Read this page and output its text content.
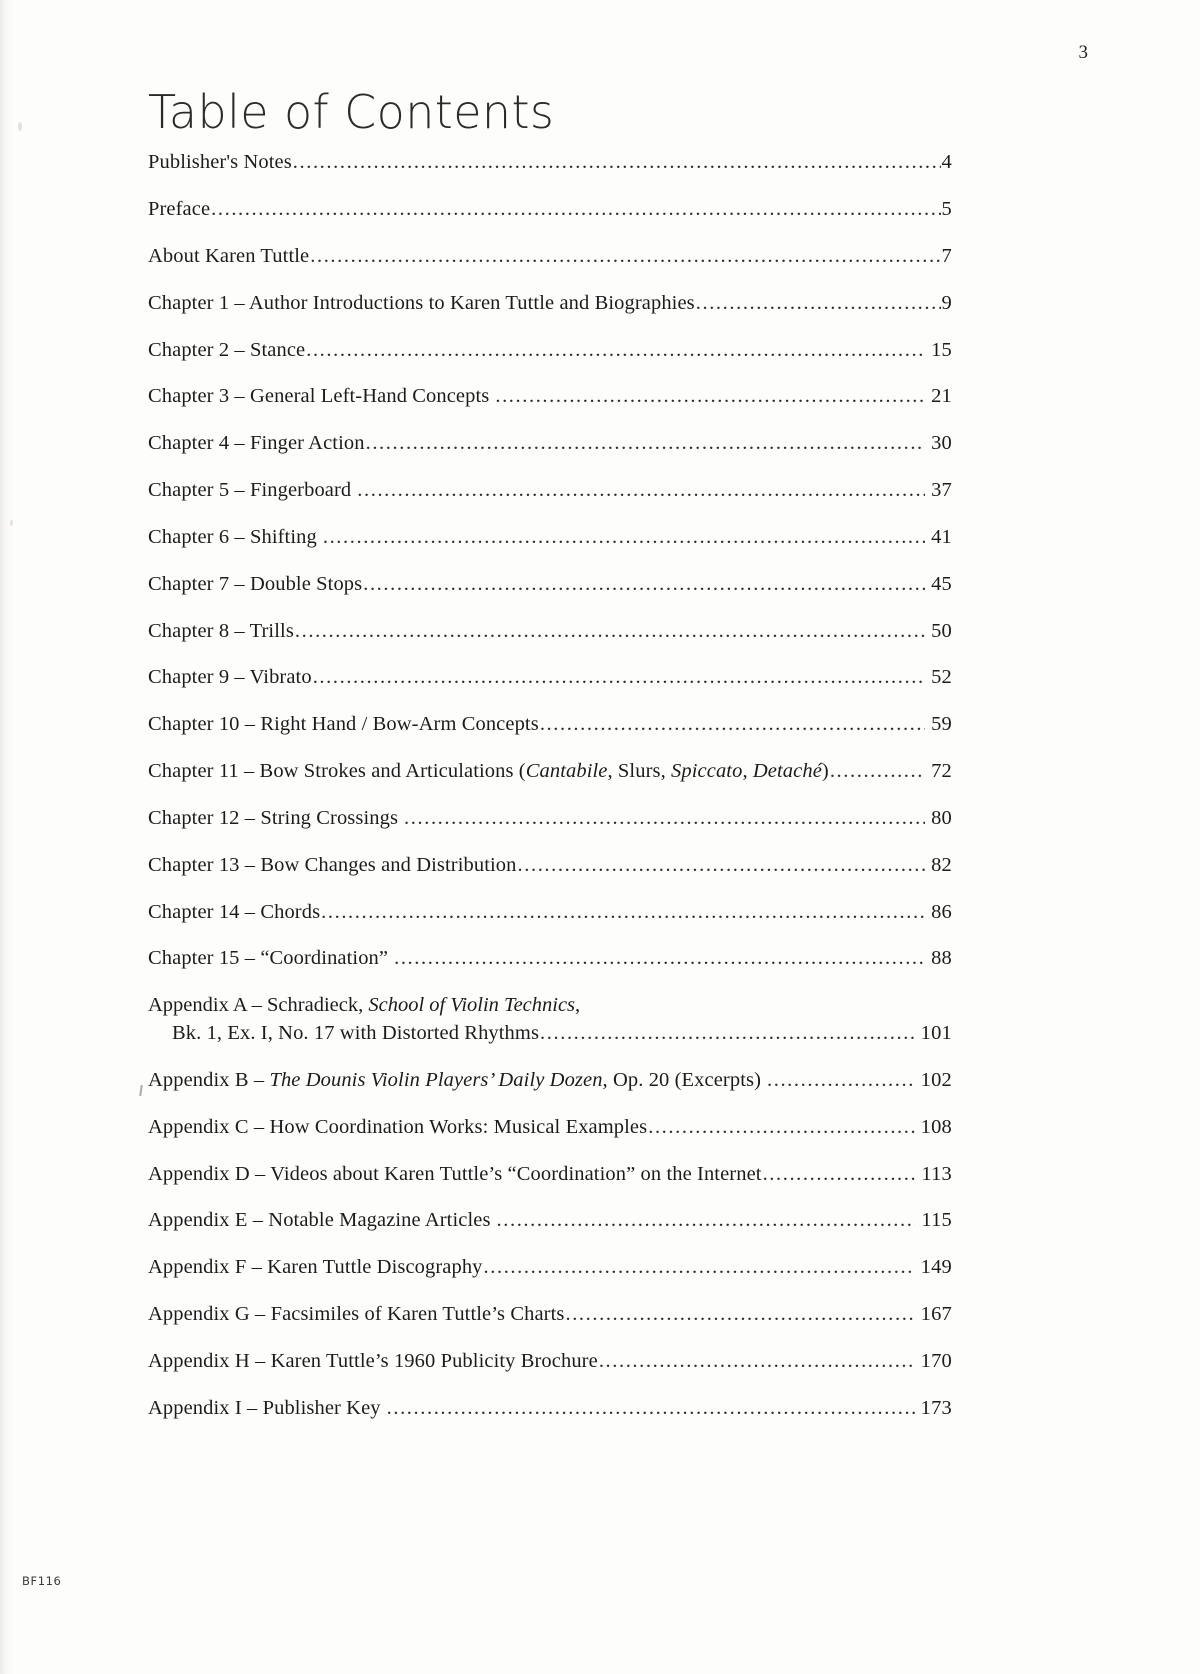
3
Table of Contents
Publisher's Notes .....	4
Preface .....	5
About Karen Tuttle .....	7
Chapter 1 – Author Introductions to Karen Tuttle and Biographies .....	9
Chapter 2 – Stance .....	15
Chapter 3 – General Left-Hand Concepts .....	21
Chapter 4 – Finger Action .....	30
Chapter 5 – Fingerboard .....	37
Chapter 6 – Shifting .....	41
Chapter 7 – Double Stops .....	45
Chapter 8 – Trills .....	50
Chapter 9 – Vibrato .....	52
Chapter 10 – Right Hand / Bow-Arm Concepts .....	59
Chapter 11 – Bow Strokes and Articulations (Cantabile, Slurs, Spiccato, Detaché) .....	72
Chapter 12 – String Crossings .....	80
Chapter 13 – Bow Changes and Distribution .....	82
Chapter 14 – Chords .....	86
Chapter 15 – “Coordination” .....	88
Appendix A – Schradieck, School of Violin Technics,
Bk. 1, Ex. I, No. 17 with Distorted Rhythms .....	101
Appendix B – The Dounis Violin Players’ Daily Dozen, Op. 20 (Excerpts) .....	102
Appendix C – How Coordination Works: Musical Examples .....	108
Appendix D – Videos about Karen Tuttle’s “Coordination” on the Internet .....	113
Appendix E – Notable Magazine Articles .....	115
Appendix F – Karen Tuttle Discography .....	149
Appendix G – Facsimiles of Karen Tuttle’s Charts .....	167
Appendix H – Karen Tuttle’s 1960 Publicity Brochure .....	170
Appendix I – Publisher Key .....	173
BF116
